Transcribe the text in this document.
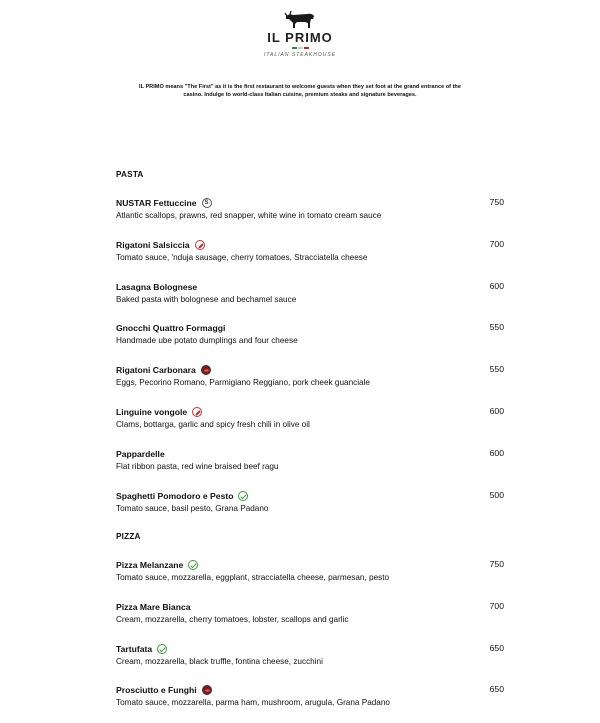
IL PRIMO
ITALIAN STEAKHOUSE
IL PRIMO means "The First" as it is the first restaurant to welcome guests when they set foot at the grand entrance of the casino. Indulge to world-class Italian cuisine, premium steaks and signature beverages.
PASTA
NUSTAR Fettuccine	S
Atlantic scallops, prawns, red snapper, white wine in tomato cream sauce
750
Rigatoni Salsiccia
Tomato sauce, 'nduja sausage, cherry tomatoes, Stracciatella cheese
700
Lasagna Bolognese
Baked pasta with bolognese and bechamel sauce
600
Gnocchi Quattro Formaggi
Handmade ube potato dumplings and four cheese
550
Rigatoni Carbonara
Eggs, Pecorino Romano, Parmigiano Reggiano, pork cheek guanciale
550
Linguine vongole
Clams, bottarga, garlic and spicy fresh chili in olive oil
600
Pappardelle
Flat ribbon pasta, red wine braised beef ragu
600
Spaghetti Pomodoro e Pesto
Tomato sauce, basil pesto, Grana Padano
500
PIZZA
Pizza Melanzane
Tomato sauce, mozzarella, eggplant, stracciatella cheese, parmesan, pesto
750
Pizza Mare Bianca
Cream, mozzarella, cherry tomatoes, lobster, scallops and garlic
700
Tartufata
Cream, mozzarella, black truffle, fontina cheese, zucchini
650
Prosciutto e Funghi
Tomato sauce, mozzarella, parma ham, mushroom, arugula, Grana Padano
650
